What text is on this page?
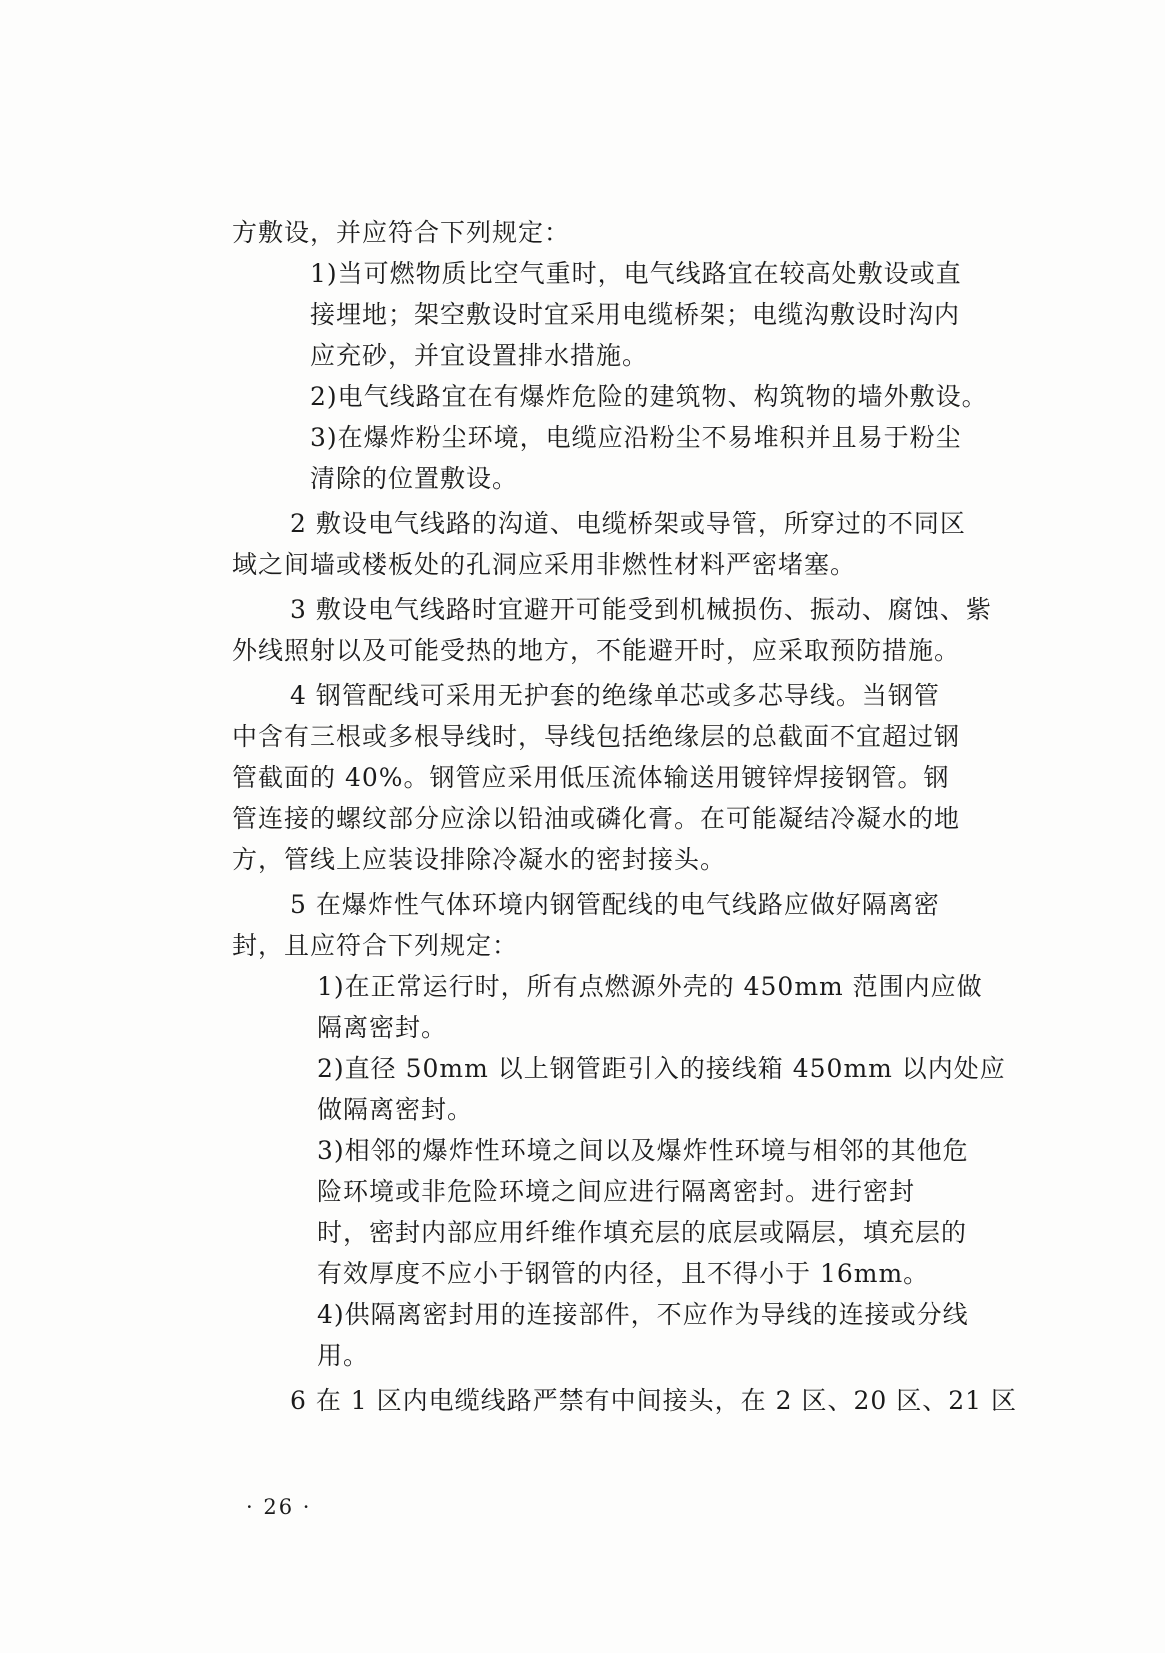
方敷设，并应符合下列规定：
1)当可燃物质比空气重时，电气线路宜在较高处敷设或直
接埋地；架空敷设时宜采用电缆桥架；电缆沟敷设时沟内
应充砂，并宜设置排水措施。
2)电气线路宜在有爆炸危险的建筑物、构筑物的墙外敷设。
3)在爆炸粉尘环境，电缆应沿粉尘不易堆积并且易于粉尘
清除的位置敷设。
2 敷设电气线路的沟道、电缆桥架或导管，所穿过的不同区
域之间墙或楼板处的孔洞应采用非燃性材料严密堵塞。
3 敷设电气线路时宜避开可能受到机械损伤、振动、腐蚀、紫
外线照射以及可能受热的地方，不能避开时，应采取预防措施。
4 钢管配线可采用无护套的绝缘单芯或多芯导线。当钢管
中含有三根或多根导线时，导线包括绝缘层的总截面不宜超过钢
管截面的 40%。钢管应采用低压流体输送用镀锌焊接钢管。钢
管连接的螺纹部分应涂以铅油或磷化膏。在可能凝结冷凝水的地
方，管线上应装设排除冷凝水的密封接头。
5 在爆炸性气体环境内钢管配线的电气线路应做好隔离密
封，且应符合下列规定：
1)在正常运行时，所有点燃源外壳的 450mm 范围内应做
隔离密封。
2)直径 50mm 以上钢管距引入的接线箱 450mm 以内处应
做隔离密封。
3)相邻的爆炸性环境之间以及爆炸性环境与相邻的其他危
险环境或非危险环境之间应进行隔离密封。进行密封
时，密封内部应用纤维作填充层的底层或隔层，填充层的
有效厚度不应小于钢管的内径，且不得小于 16mm。
4)供隔离密封用的连接部件，不应作为导线的连接或分线
用。
6 在 1 区内电缆线路严禁有中间接头，在 2 区、20 区、21 区
· 26 ·
